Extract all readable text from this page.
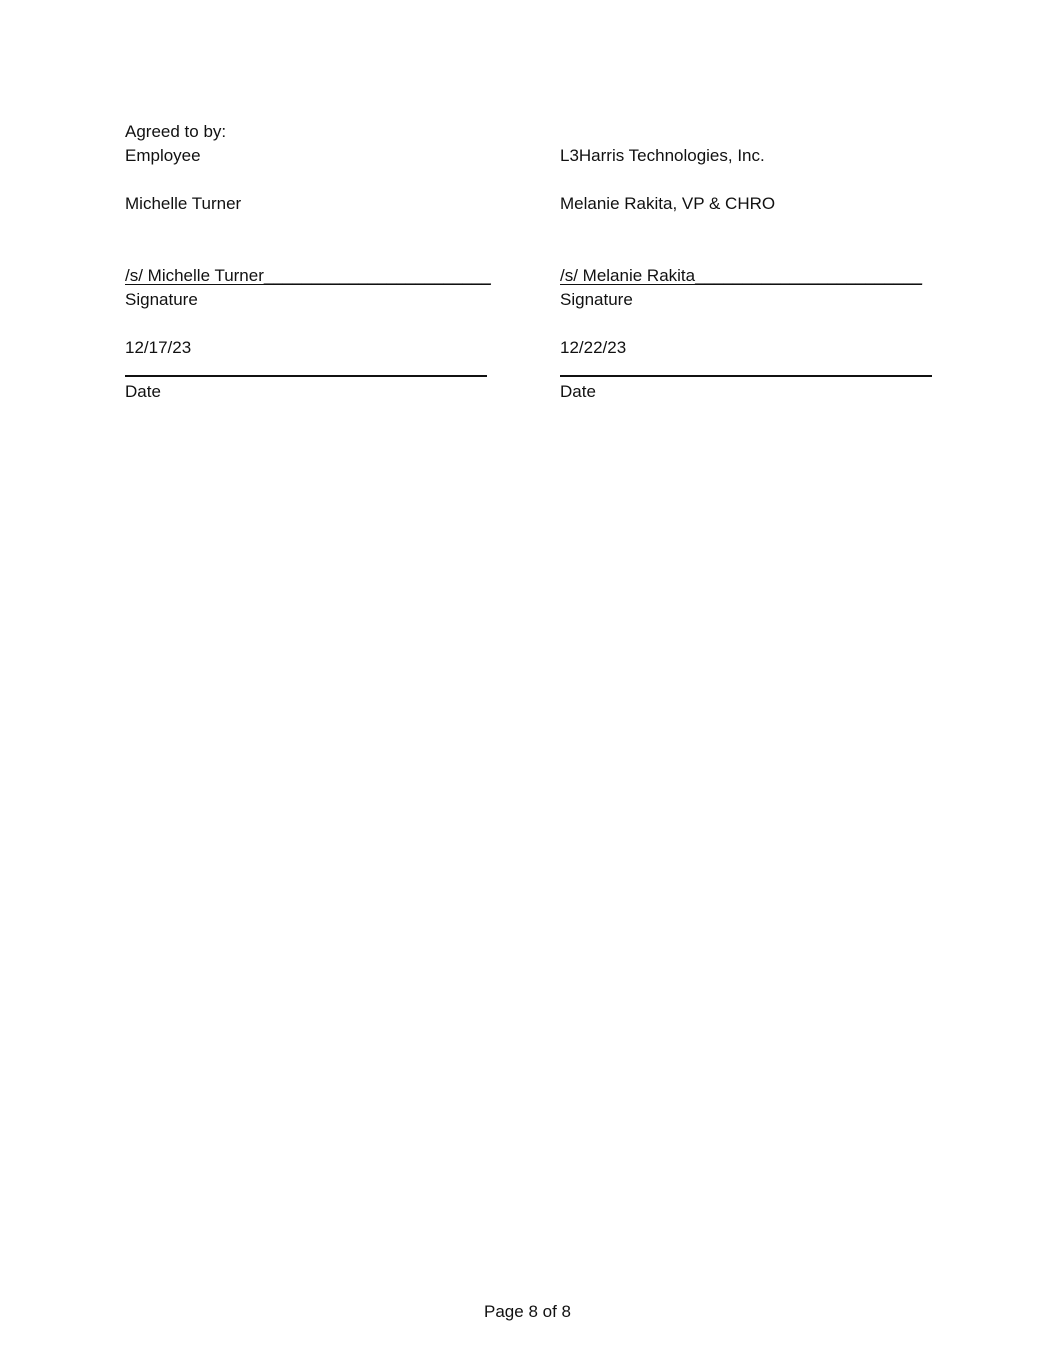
Agreed to by:
Employee
Michelle Turner
/s/ Michelle Turner________________________
Signature
12/17/23
Date
L3Harris Technologies, Inc.
Melanie Rakita, VP & CHRO
/s/ Melanie Rakita________________________
Signature
12/22/23
Date
Page 8 of 8
